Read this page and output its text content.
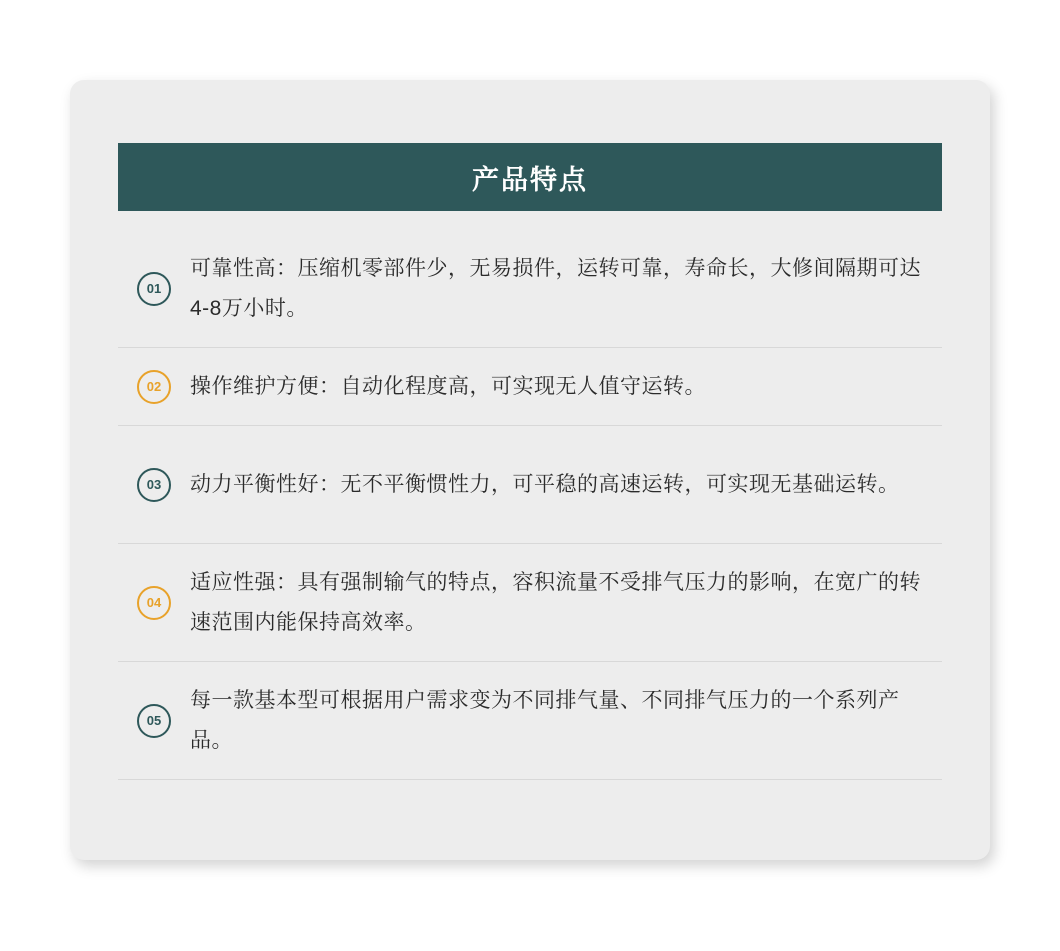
产品特点
01
可靠性高：压缩机零部件少，无易损件，运转可靠，寿命长，大修间隔期可达4-8万小时。
02	操作维护方便：自动化程度高，可实现无人值守运转。
03	动力平衡性好：无不平衡惯性力，可平稳的高速运转，可实现无基础运转。
04
适应性强：具有强制输气的特点，容积流量不受排气压力的影响，在宽广的转速范围内能保持高效率。
05
每一款基本型可根据用户需求变为不同排气量、不同排气压力的一个系列产品。
